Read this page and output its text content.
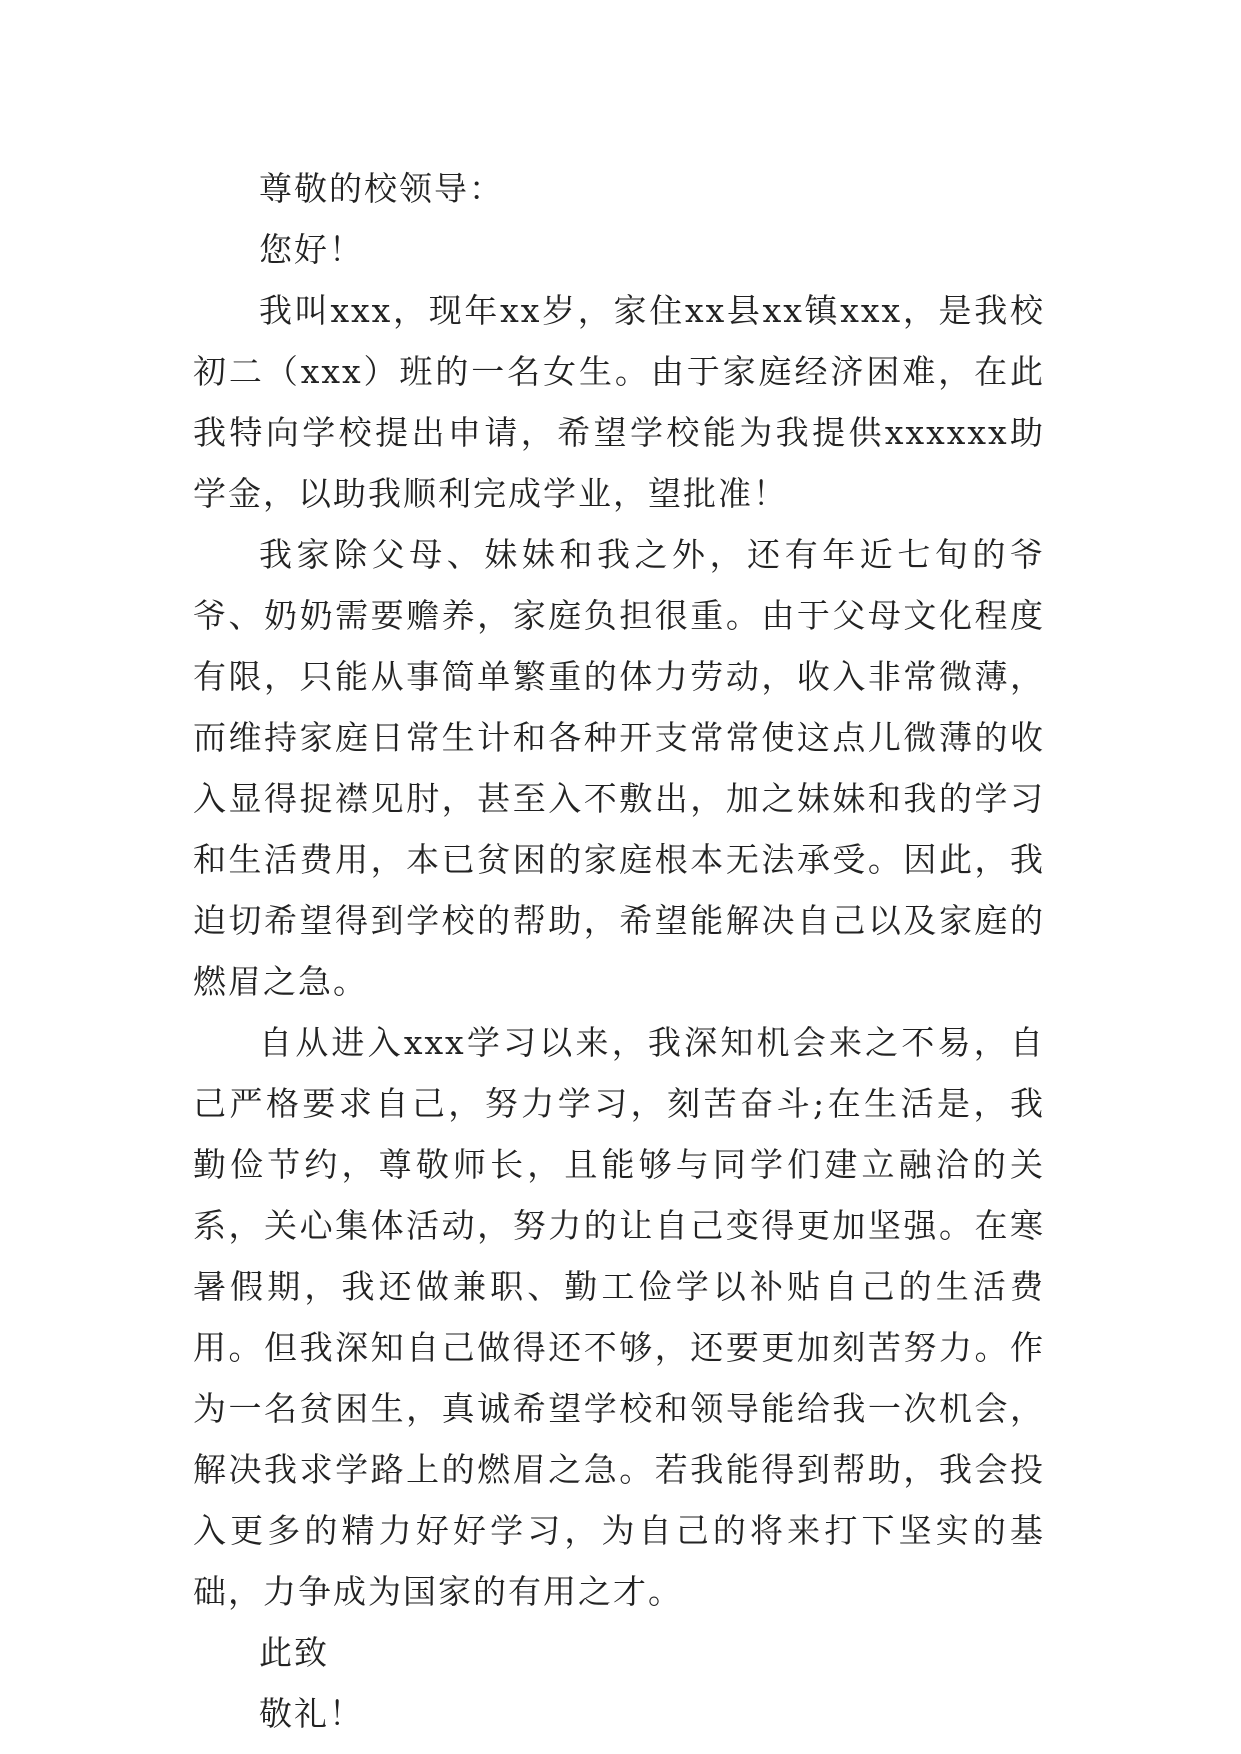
尊敬的校领导：

您好！

我叫xxx，现年xx岁，家住xx县xx镇xxx，是我校初二（xxx）班的一名女生。由于家庭经济困难，在此我特向学校提出申请，希望学校能为我提供xxxxxx助学金，以助我顺利完成学业，望批准！

我家除父母、妹妹和我之外，还有年近七旬的爷爷、奶奶需要赡养，家庭负担很重。由于父母文化程度有限，只能从事简单繁重的体力劳动，收入非常微薄，而维持家庭日常生计和各种开支常常使这点儿微薄的收入显得捉襟见肘，甚至入不敷出，加之妹妹和我的学习和生活费用，本已贫困的家庭根本无法承受。因此，我迫切希望得到学校的帮助，希望能解决自己以及家庭的燃眉之急。

自从进入xxx学习以来，我深知机会来之不易，自己严格要求自己，努力学习，刻苦奋斗;在生活是，我勤俭节约，尊敬师长，且能够与同学们建立融洽的关系，关心集体活动，努力的让自己变得更加坚强。在寒暑假期，我还做兼职、勤工俭学以补贴自己的生活费用。但我深知自己做得还不够，还要更加刻苦努力。作为一名贫困生，真诚希望学校和领导能给我一次机会，解决我求学路上的燃眉之急。若我能得到帮助，我会投入更多的精力好好学习，为自己的将来打下坚实的基础，力争成为国家的有用之才。

此致

敬礼！
